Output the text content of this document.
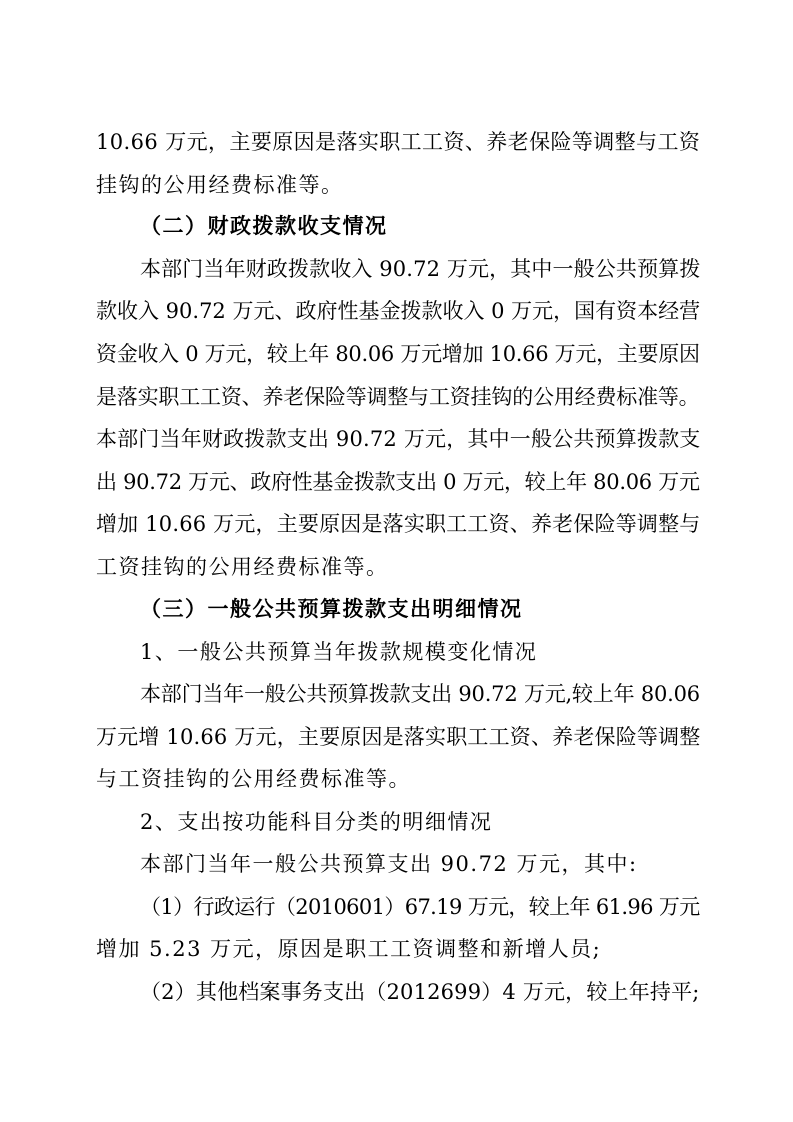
10.66 万元，主要原因是落实职工工资、养老保险等调整与工资
挂钩的公用经费标准等。
（二）财政拨款收支情况
本部门当年财政拨款收入 90.72 万元，其中一般公共预算拨
款收入 90.72 万元、政府性基金拨款收入 0 万元，国有资本经营
资金收入 0 万元，较上年 80.06 万元增加 10.66 万元，主要原因
是落实职工工资、养老保险等调整与工资挂钩的公用经费标准等。
本部门当年财政拨款支出 90.72 万元，其中一般公共预算拨款支
出 90.72 万元、政府性基金拨款支出 0 万元，较上年 80.06 万元
增加 10.66 万元，主要原因是落实职工工资、养老保险等调整与
工资挂钩的公用经费标准等。
（三）一般公共预算拨款支出明细情况
1、一般公共预算当年拨款规模变化情况
本部门当年一般公共预算拨款支出 90.72 万元,较上年 80.06
万元增 10.66 万元，主要原因是落实职工工资、养老保险等调整
与工资挂钩的公用经费标准等。
2、支出按功能科目分类的明细情况
本部门当年一般公共预算支出 90.72 万元，其中:
（1）行政运行（2010601）67.19 万元，较上年 61.96 万元
增加 5.23 万元，原因是职工工资调整和新增人员;
（2）其他档案事务支出（2012699）4 万元，较上年持平;
